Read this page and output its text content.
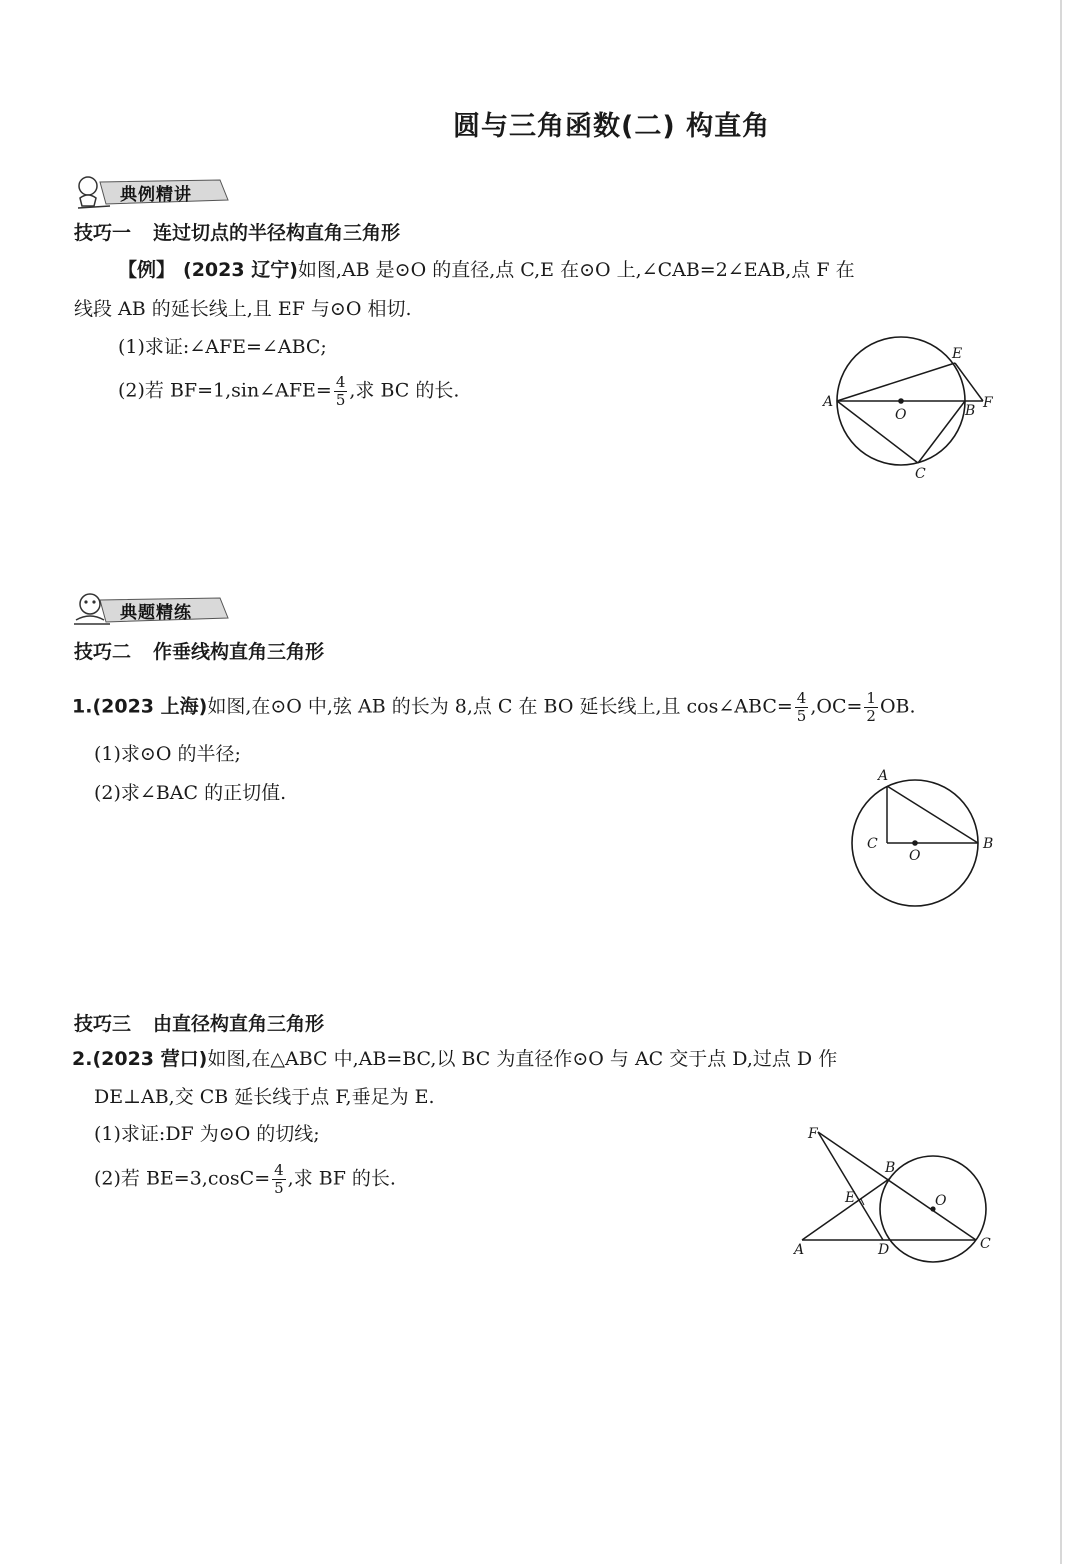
圆与三角函数(二) 构直角
典例精讲
技巧一 连过切点的半径构直角三角形
【例】 (2023 辽宁)如图,AB 是⊙O 的直径,点 C,E 在⊙O 上,∠CAB=2∠EAB,点 F 在
线段 AB 的延长线上,且 EF 与⊙O 相切.
(1)求证:∠AFE=∠ABC;
(2)若 BF=1,sin∠AFE= $\frac{4}{5}$ ,求 BC 的长.
A
B
C
E
F
O
典题精练
技巧二 作垂线构直角三角形
1.(2023 上海)如图,在⊙O 中,弦 AB 的长为 8,点 C 在 BO 延长线上,且 cos∠ABC= $\frac{4}{5} ,OC= \frac{1}{2}$ OB.
(1)求⊙O 的半径;
(2)求∠BAC 的正切值.
A
B
C
O
技巧三 由直径构直角三角形
2.(2023 营口)如图,在△ABC 中,AB=BC,以 BC 为直径作⊙O 与 AC 交于点 D,过点 D 作
DE⊥AB,交 CB 延长线于点 F,垂足为 E.
(1)求证:DF 为⊙O 的切线;
(2)若 $BE=3,\cos C= \frac{4}{5}$ ,求 BF 的长.
A
B
C
D
E
F
O
